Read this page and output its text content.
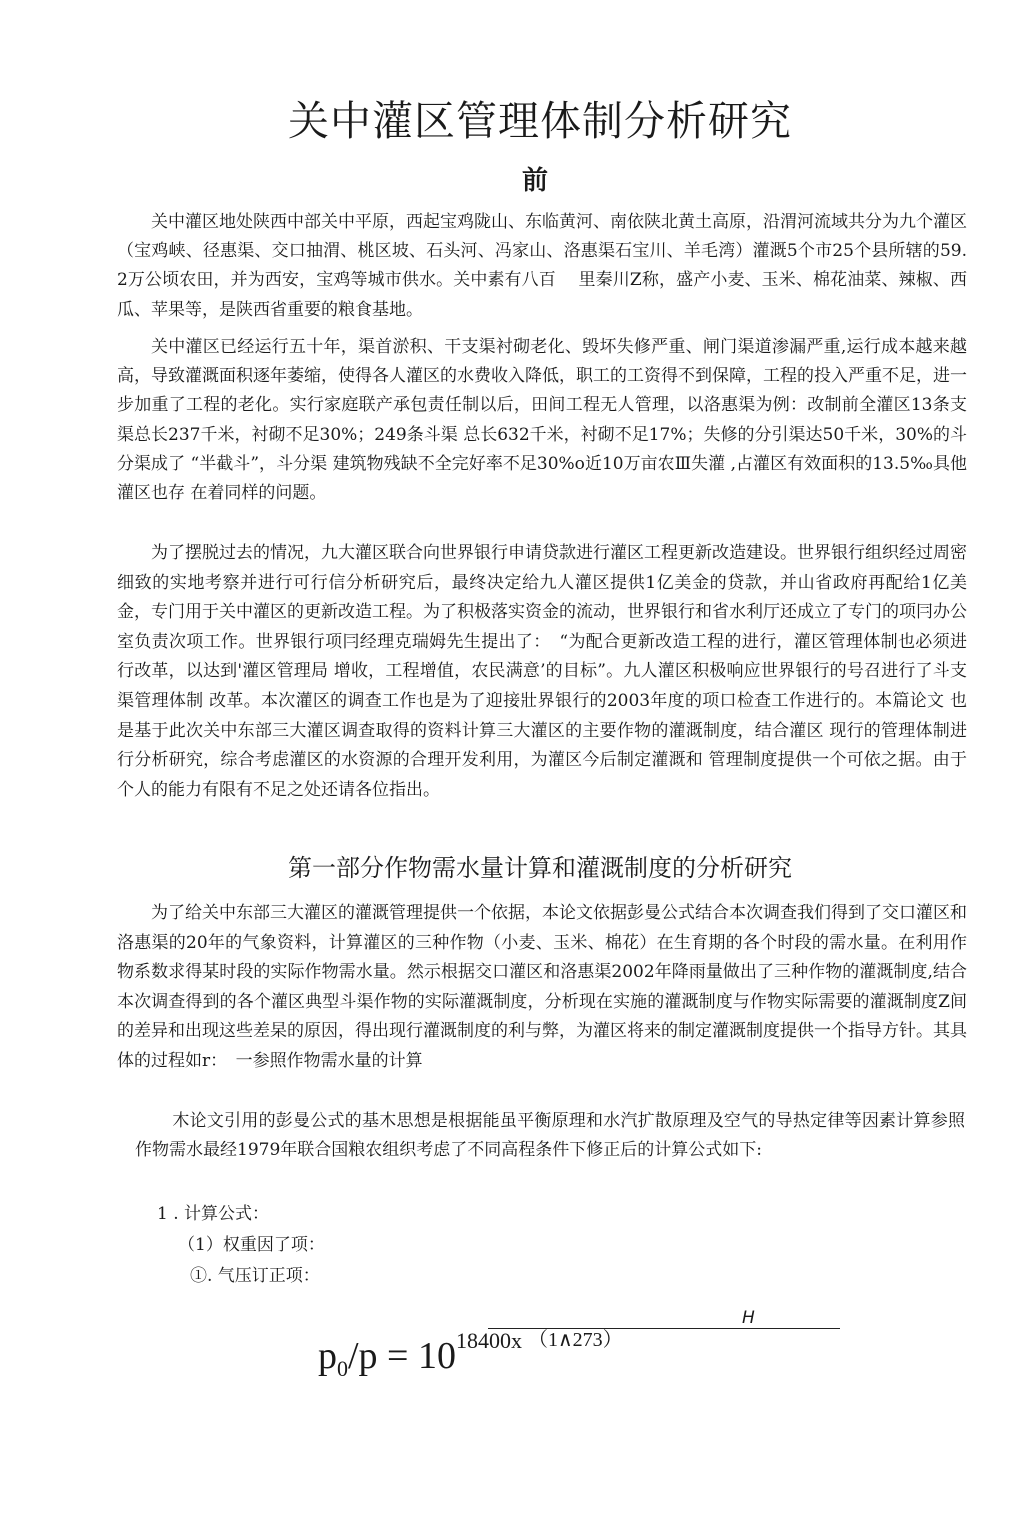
关中灌区管理体制分析研究
前

关中灌区地处陕西中部关中平原，西起宝鸡陇山、东临黄河、南依陕北黄土高原，沿渭河流域共分为九个灌区（宝鸡峡、径惠渠、交口抽渭、桃区坡、石头河、冯家山、洛惠渠石宝川、羊毛湾）灌溉5个市25个县所辖的59.2万公顷农田，并为西安，宝鸡等城市供水。关中素有八百　 里秦川Z称，盛产小麦、玉米、棉花油菜、辣椒、西瓜、苹果等，是陕西省重要的粮食基地。

关中灌区已经运行五十年，渠首淤积、干支渠衬砌老化、毁坏失修严重、闸门渠道渗漏严重,运行成本越来越高，导致灌溉面积逐年萎缩，使得各人灌区的水费收入降低，职工的工资得不到保障，工程的投入严重不足，进一步加重了工程的老化。实行家庭联产承包责任制以后，田间工程无人管理，以洛惠渠为例：改制前全灌区13条支渠总长237千米，衬砌不足30%；249条斗渠 总长632千米，衬砌不足17%；失修的分引渠达50千米，30%的斗分渠成了 “半截斗”，斗分渠 建筑物残缺不全完好率不足30%o近10万亩农Ⅲ失灌 ,占灌区有效面积的13.5‰具他灌区也存 在着同样的问题。

为了摆脱过去的情况，九大灌区联合向世界银行申请贷款进行灌区工程更新改造建设。世界银行组织经过周密细致的实地考察并进行可行信分析研究后，最终决定给九人灌区提供1亿美金的贷款，并山省政府再配给1亿美金，专门用于关中灌区的更新改造工程。为了积极落实资金的流动，世界银行和省水利厅还成立了专门的项冃办公室负责次项工作。世界银行项冃经理克瑞姆先生提出了：　“为配合更新改造工程的进行，灌区管理体制也必须进行改革，以达到'灌区管理局 增收，工程增值，农民满意’的目标”。九人灌区积极响应世界银行的号召进行了斗支渠管理体制 改革。本次灌区的调查工作也是为了迎接壯界银行的2003年度的项口检查工作进行的。本篇论文 也是基于此次关中东部三大灌区调查取得的资料计算三大灌区的主要作物的灌溉制度，结合灌区 现行的管理体制进行分析研究，综合考虑灌区的水资源的合理开发利用，为灌区今后制定灌溉和 管理制度提供一个可依之据。由于个人的能力有限有不足之处还请各位指出。

第一部分作物需水量计算和灌溉制度的分析研究

为了给关中东部三大灌区的灌溉管理提供一个依据，本论文依据彭曼公式结合本次调查我们得到了交口灌区和洛惠渠的20年的气象资料，计算灌区的三种作物（小麦、玉米、棉花）在生育期的各个时段的需水量。在利用作物系数求得某时段的实际作物需水量。然示根据交口灌区和洛惠渠2002年降雨量做出了三种作物的灌溉制度,结合本次调查得到的各个灌区典型斗渠作物的实际灌溉制度，分析现在实施的灌溉制度与作物实际需要的灌溉制度Z间的差异和出现这些差杲的原因，得出现行灌溉制度的利与弊，为灌区将来的制定灌溉制度提供一个指导方针。其具体的过程如r：　一参照作物需水量的计算

木论文引用的彭曼公式的基木思想是根据能虽平衡原理和水汽扩散原理及空气的导热定律等因素计算参照作物需水最经1979年联合国粮农组织考虑了不同高程条件下修正后的计算公式如下:

1 . 计算公式：

（1）权重因了项：

①. 气压订正项：

H
p0/p = 1018400x （1∧273）
